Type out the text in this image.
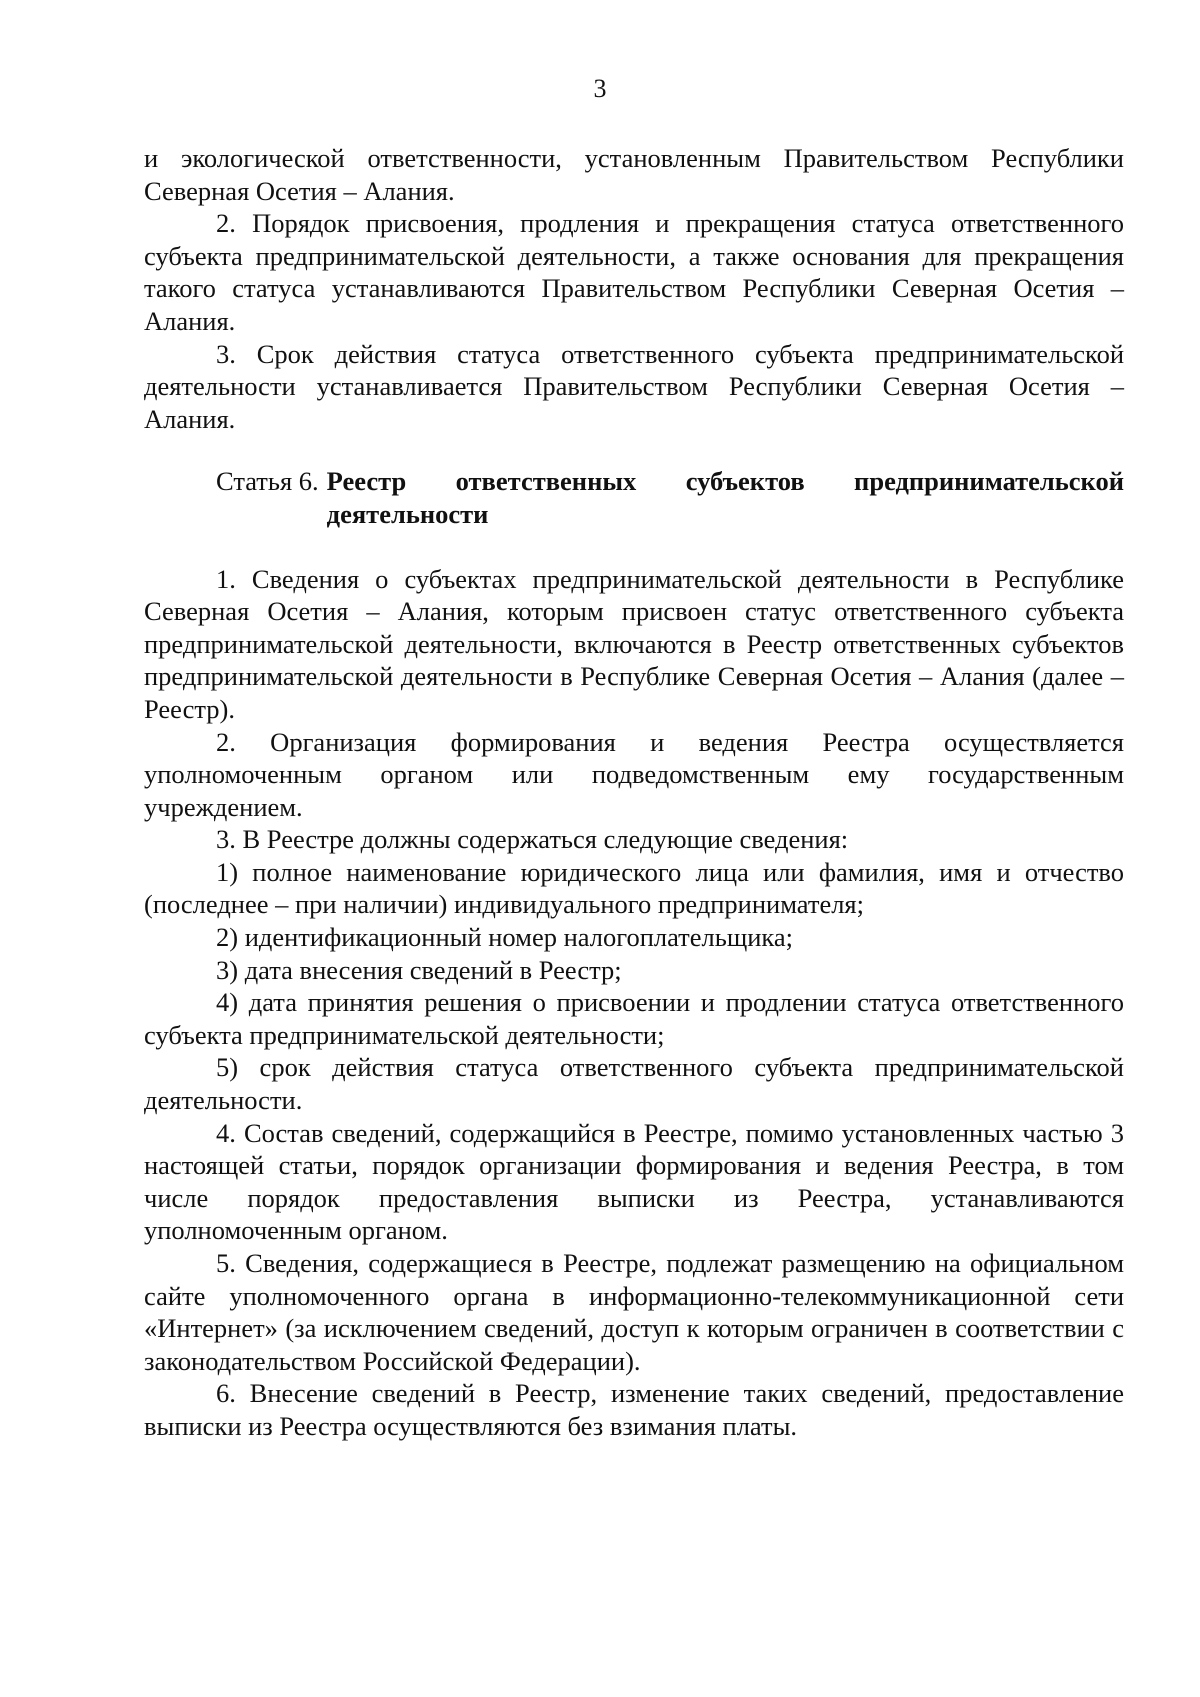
3

и экологической ответственности, установленным Правительством Республики Северная Осетия – Алания.

2. Порядок присвоения, продления и прекращения статуса ответственного субъекта предпринимательской деятельности, а также основания для прекращения такого статуса устанавливаются Правительством Республики Северная Осетия – Алания.

3. Срок действия статуса ответственного субъекта предпринимательской деятельности устанавливается Правительством Республики Северная Осетия – Алания.

Статья 6. Реестр ответственных субъектов предпринимательской деятельности

1. Сведения о субъектах предпринимательской деятельности в Республике Северная Осетия – Алания, которым присвоен статус ответственного субъекта предпринимательской деятельности, включаются в Реестр ответственных субъектов предпринимательской деятельности в Республике Северная Осетия – Алания (далее – Реестр).

2. Организация формирования и ведения Реестра осуществляется уполномоченным органом или подведомственным ему государственным учреждением.

3. В Реестре должны содержаться следующие сведения:

1) полное наименование юридического лица или фамилия, имя и отчество (последнее – при наличии) индивидуального предпринимателя;

2) идентификационный номер налогоплательщика;

3) дата внесения сведений в Реестр;

4) дата принятия решения о присвоении и продлении статуса ответственного субъекта предпринимательской деятельности;

5) срок действия статуса ответственного субъекта предпринимательской деятельности.

4. Состав сведений, содержащийся в Реестре, помимо установленных частью 3 настоящей статьи, порядок организации формирования и ведения Реестра, в том числе порядок предоставления выписки из Реестра, устанавливаются уполномоченным органом.

5. Сведения, содержащиеся в Реестре, подлежат размещению на официальном сайте уполномоченного органа в информационно-телекоммуникационной сети «Интернет» (за исключением сведений, доступ к которым ограничен в соответствии с законодательством Российской Федерации).

6. Внесение сведений в Реестр, изменение таких сведений, предоставление выписки из Реестра осуществляются без взимания платы.
